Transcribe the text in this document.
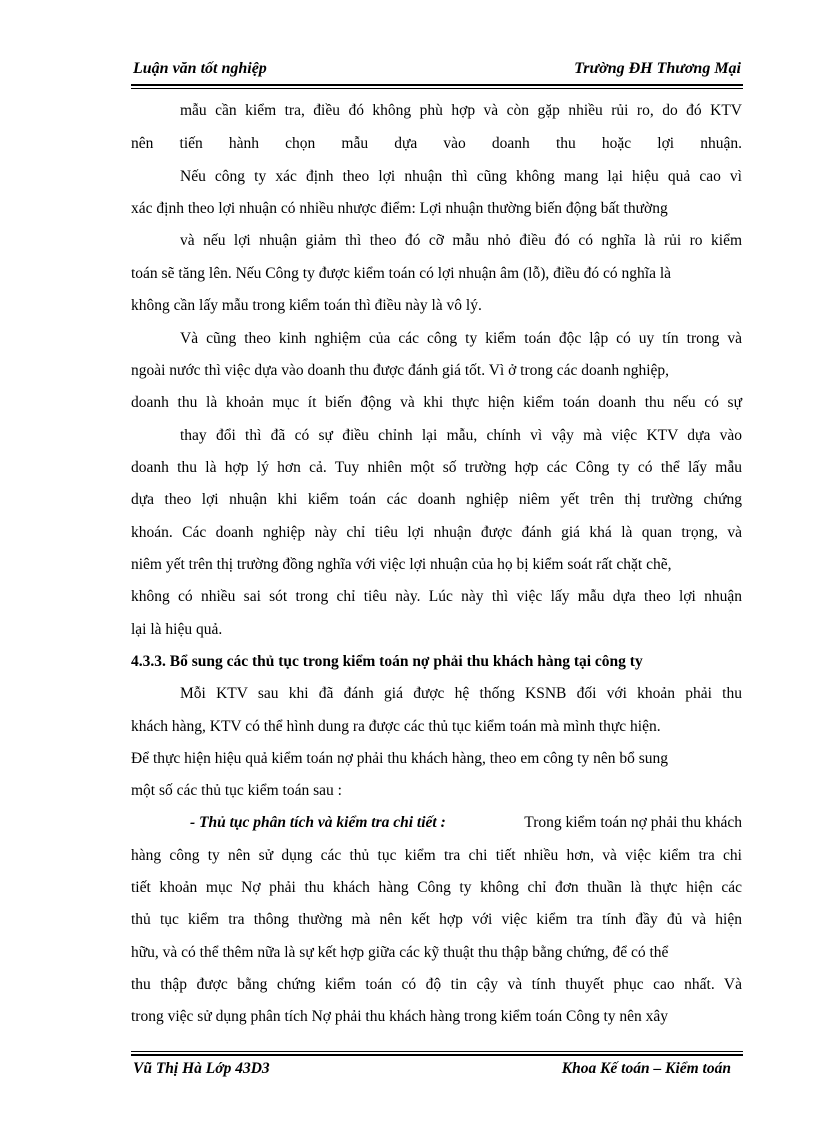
Luận văn tốt nghiệp	Trường ĐH Thương Mại
mẫu cần kiểm tra, điều đó không phù hợp và còn gặp nhiều rủi ro, do đó KTV
nên tiến hành chọn mẫu dựa vào doanh thu hoặc lợi nhuận.
Nếu công ty xác định theo lợi nhuận thì cũng không mang lại hiệu quả cao vì
xác định theo lợi nhuận có nhiều nhược điểm: Lợi nhuận thường biến động bất thường
và nếu lợi nhuận giảm thì theo đó cỡ mẫu nhỏ điều đó có nghĩa là rủi ro kiểm
toán sẽ tăng lên. Nếu Công ty được kiểm toán có lợi nhuận âm (lỗ), điều đó có nghĩa là
không cần lấy mẫu trong kiểm toán thì điều này là vô lý.
Và cũng theo kinh nghiệm của các công ty kiểm toán độc lập có uy tín trong và
ngoài nước thì việc dựa vào doanh thu được đánh giá tốt. Vì ở trong các doanh nghiệp,
doanh thu là khoản mục ít biến động và khi thực hiện kiểm toán doanh thu nếu có sự
thay đổi thì đã có sự điều chỉnh lại mẫu, chính vì vậy mà việc KTV dựa vào
doanh thu là hợp lý hơn cả. Tuy nhiên một số trường hợp các Công ty có thể lấy mẫu
dựa theo lợi nhuận khi kiểm toán các doanh nghiệp niêm yết trên thị trường chứng
khoán. Các doanh nghiệp này chỉ tiêu lợi nhuận được đánh giá khá là quan trọng, và
niêm yết trên thị trường đồng nghĩa với việc lợi nhuận của họ bị kiểm soát rất chặt chẽ,
không có nhiều sai sót trong chỉ tiêu này. Lúc này thì việc lấy mẫu dựa theo lợi nhuận
lại là hiệu quả.
4.3.3. Bổ sung các thủ tục trong kiểm toán nợ phải thu khách hàng tại công ty
Mỗi KTV sau khi đã đánh giá được hệ thống KSNB đối với khoản phải thu
khách hàng, KTV có thể hình dung ra được các thủ tục kiểm toán mà mình thực hiện.
Để thực hiện hiệu quả kiểm toán nợ phải thu khách hàng, theo em công ty nên bổ sung
một số các thủ tục kiểm toán sau :
- Thủ tục phân tích và kiểm tra chi tiết :	Trong kiểm toán nợ phải thu khách
hàng công ty nên sử dụng các thủ tục kiểm tra chi tiết nhiều hơn, và việc kiểm tra chi
tiết khoản mục Nợ phải thu khách hàng Công ty không chỉ đơn thuần là thực hiện các
thủ tục kiểm tra thông thường mà nên kết hợp với việc kiểm tra tính đầy đủ và hiện
hữu, và có thể thêm nữa là sự kết hợp giữa các kỹ thuật thu thập bằng chứng, để có thể
thu thập được bằng chứng kiểm toán có độ tin cậy và tính thuyết phục cao nhất. Và
trong việc sử dụng phân tích Nợ phải thu khách hàng trong kiểm toán Công ty nên xây
Vũ Thị Hà Lớp 43D3	Khoa Kế toán – Kiểm toán
